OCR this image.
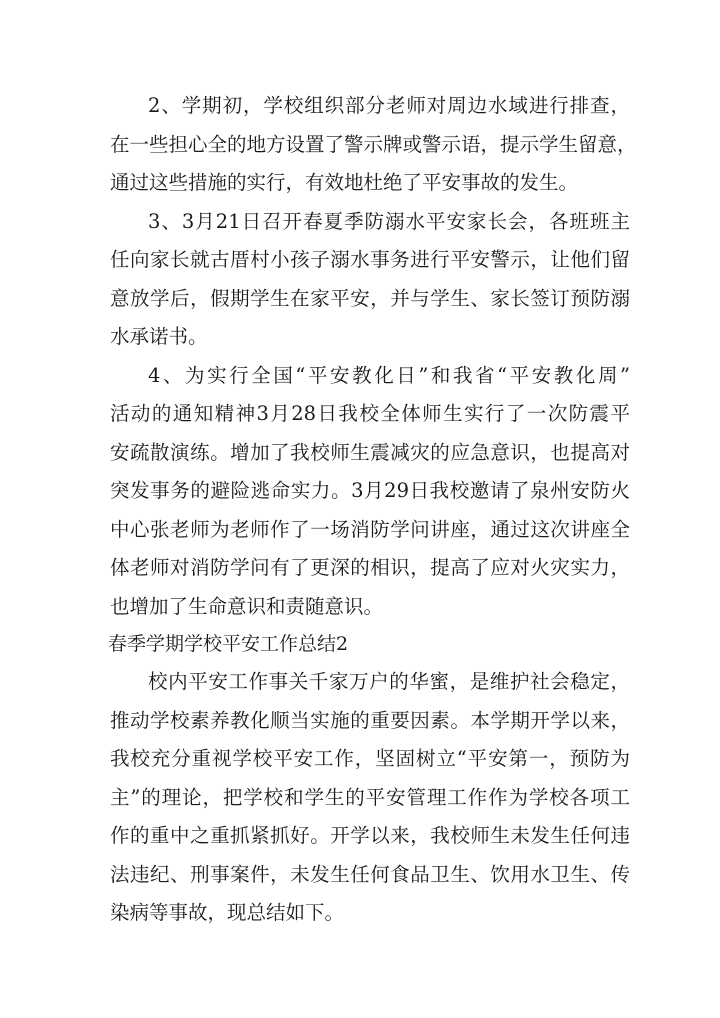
2、学期初，学校组织部分老师对周边水域进行排查，
在一些担心全的地方设置了警示牌或警示语，提示学生留意，
通过这些措施的实行，有效地杜绝了平安事故的发生。
3、3月21日召开春夏季防溺水平安家长会，各班班主
任向家长就古厝村小孩子溺水事务进行平安警示，让他们留
意放学后，假期学生在家平安，并与学生、家长签订预防溺
水承诺书。
4、为实行全国“平安教化日”和我省“平安教化周”
活动的通知精神3月28日我校全体师生实行了一次防震平
安疏散演练。增加了我校师生震减灾的应急意识，也提高对
突发事务的避险逃命实力。3月29日我校邀请了泉州安防火
中心张老师为老师作了一场消防学问讲座，通过这次讲座全
体老师对消防学问有了更深的相识，提高了应对火灾实力，
也增加了生命意识和责随意识。
春季学期学校平安工作总结2
校内平安工作事关千家万户的华蜜，是维护社会稳定，
推动学校素养教化顺当实施的重要因素。本学期开学以来，
我校充分重视学校平安工作，坚固树立“平安第一，预防为
主”的理论，把学校和学生的平安管理工作作为学校各项工
作的重中之重抓紧抓好。开学以来，我校师生未发生任何违
法违纪、刑事案件，未发生任何食品卫生、饮用水卫生、传
染病等事故，现总结如下。
